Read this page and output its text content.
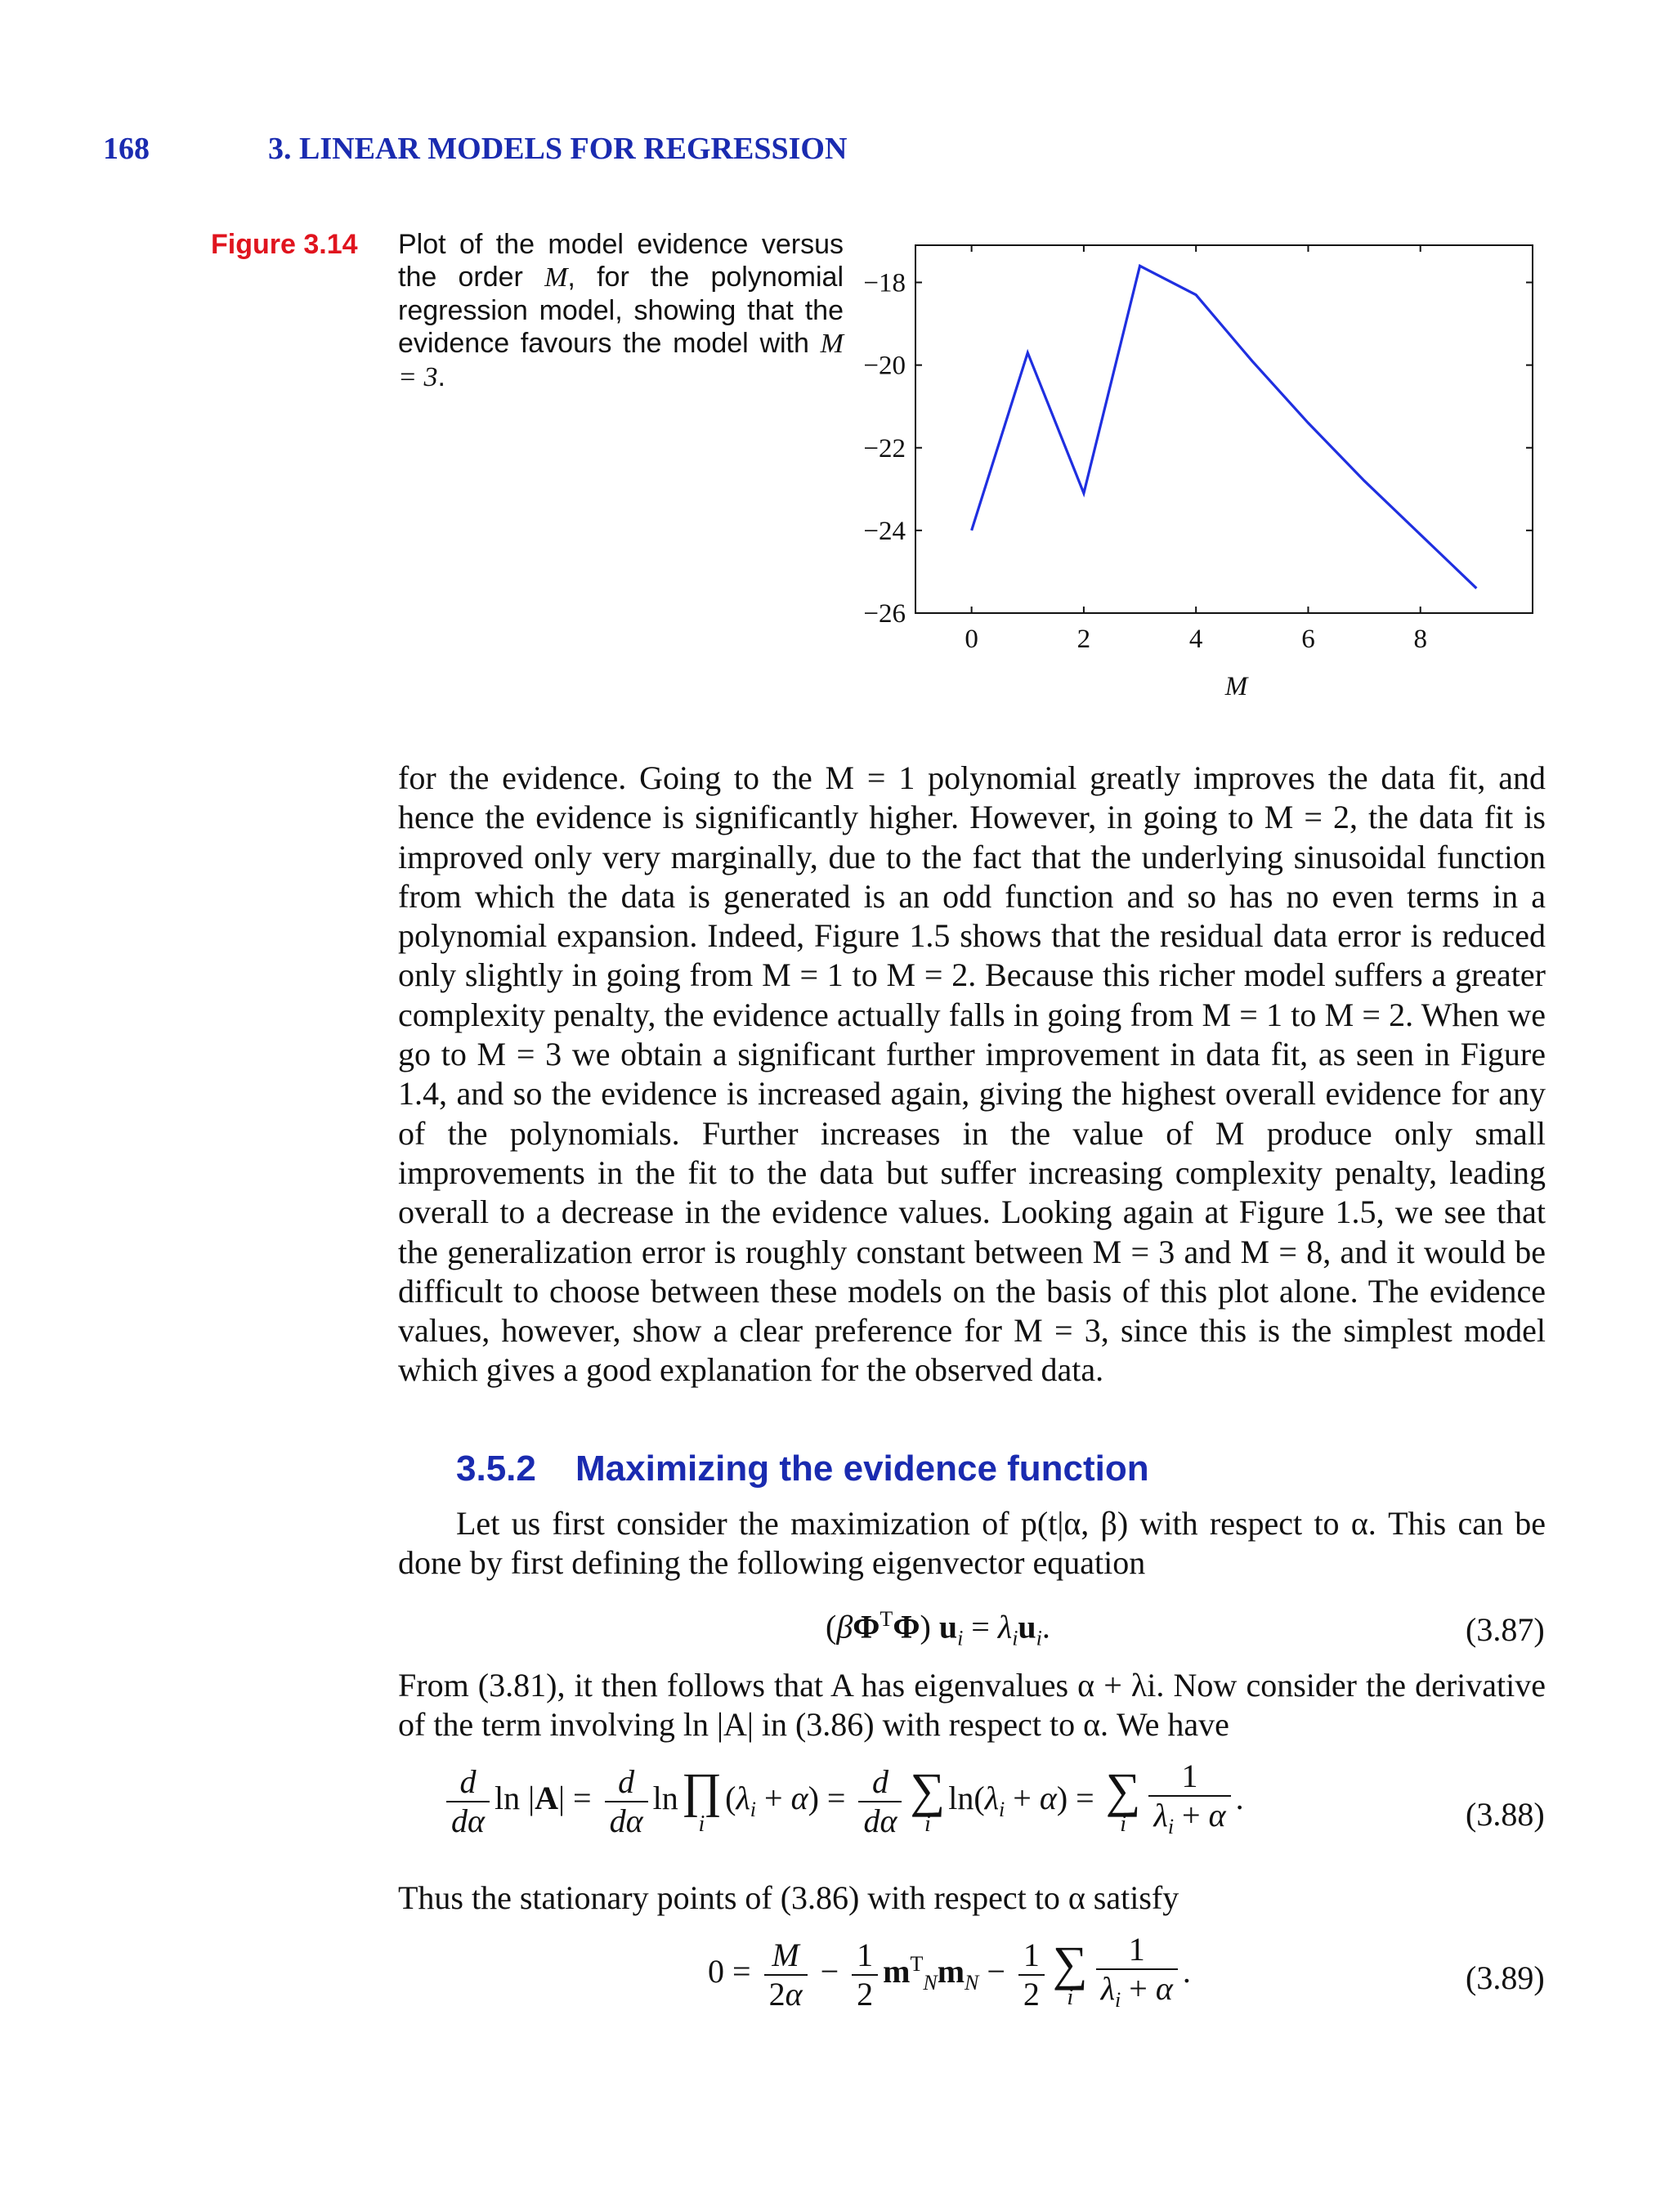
168	3. LINEAR MODELS FOR REGRESSION
Figure 3.14 Plot of the model evidence versus the order M, for the polynomial regression model, showing that the evidence favours the model with M = 3.
0	2	4	6	8
−18
−20
−22
−24
−26
M

for the evidence. Going to the M = 1 polynomial greatly improves the data fit, and hence the evidence is significantly higher. However, in going to M = 2, the data fit is improved only very marginally, due to the fact that the underlying sinusoidal function from which the data is generated is an odd function and so has no even terms in a polynomial expansion. Indeed, Figure 1.5 shows that the residual data error is reduced only slightly in going from M = 1 to M = 2. Because this richer model suffers a greater complexity penalty, the evidence actually falls in going from M = 1 to M = 2. When we go to M = 3 we obtain a significant further improvement in data fit, as seen in Figure 1.4, and so the evidence is increased again, giving the highest overall evidence for any of the polynomials. Further increases in the value of M produce only small improvements in the fit to the data but suffer increasing complexity penalty, leading overall to a decrease in the evidence values. Looking again at Figure 1.5, we see that the generalization error is roughly constant between M = 3 and M = 8, and it would be difficult to choose between these models on the basis of this plot alone. The evidence values, however, show a clear preference for M = 3, since this is the simplest model which gives a good explanation for the observed data.

3.5.2 Maximizing the evidence function
Let us first consider the maximization of p(t|α, β) with respect to α. This can be done by first defining the following eigenvector equation
$(\beta\Phi^T\Phi) u_i = \lambda_iu_i$.	(3.87)
From (3.81), it then follows that A has eigenvalues α + λi. Now consider the derivative of the term involving ln |A| in (3.86) with respect to α. We have
$\frac{d}{d\alpha}$ $\ln |A| = \frac{d}{d\alpha}$ ln ∏
i
$(\lambda_i + \alpha) = \frac{d}{d\alpha}$ ∑
i
$\ln(\lambda_i + \alpha)$ = ∑
i $\frac{1}{\lambda_i + \alpha}$ .	(3.88)
Thus the stationary points of (3.86) with respect to α satisfy
$0 = \frac{M}{2\alpha} - \frac{1}{2} m^T_Nm_N - \frac{1}{2}$ ∑
i $\frac{1}{\lambda_i + \alpha}$ .	(3.89)
